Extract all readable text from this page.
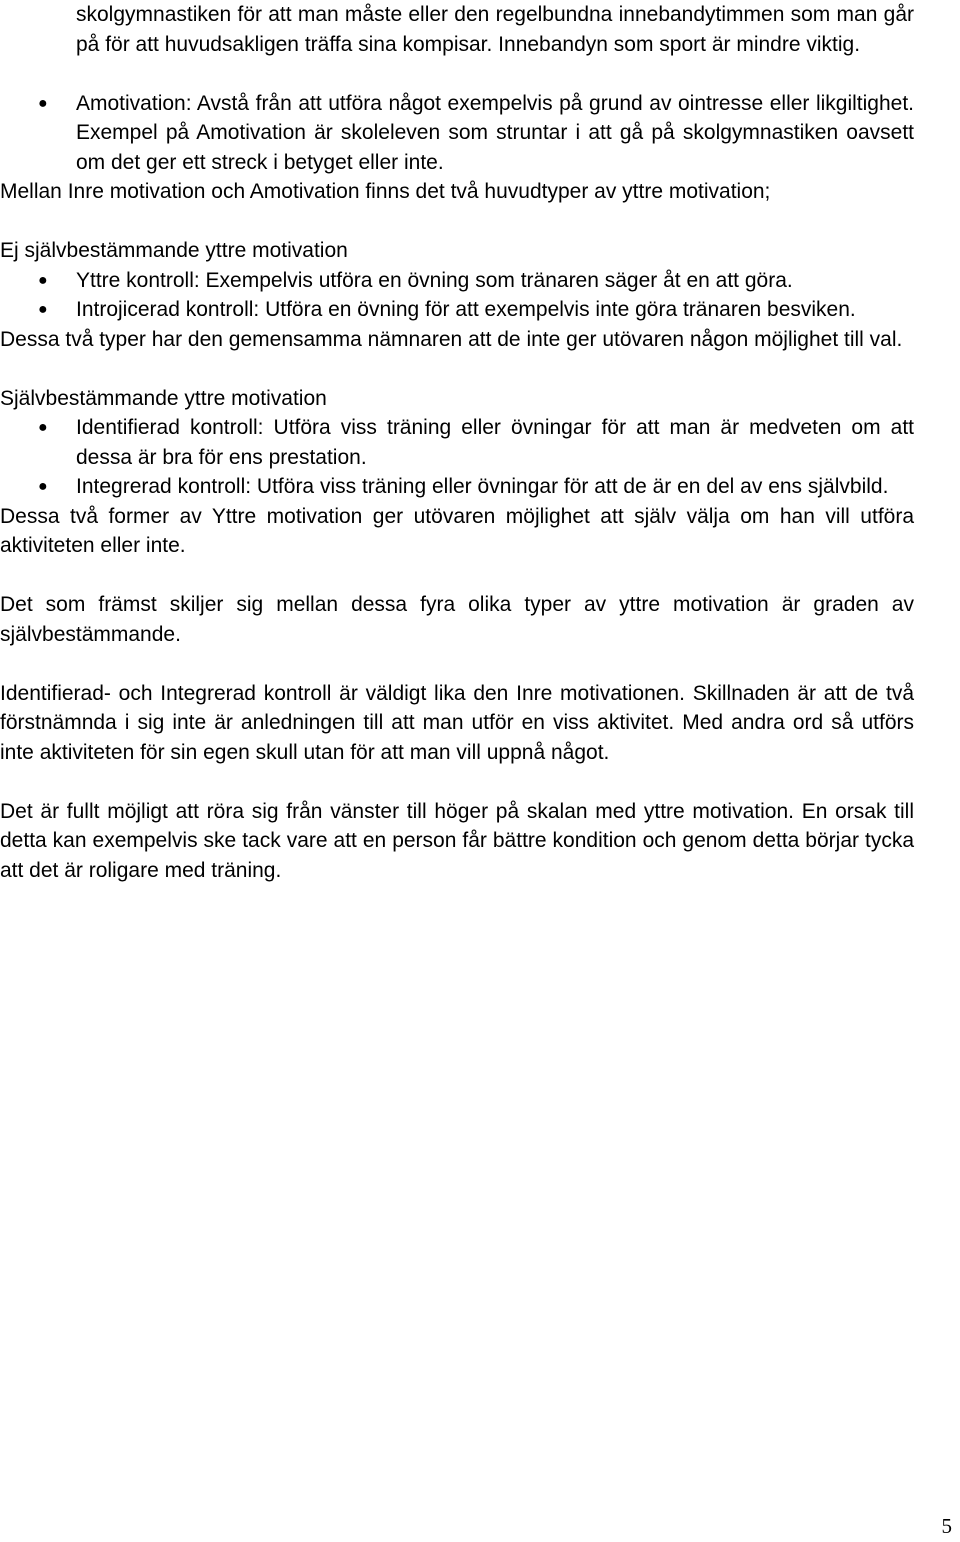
skolgymnastiken för att man måste eller den regelbundna innebandytimmen som man går på för att huvudsakligen träffa sina kompisar. Innebandyn som sport är mindre viktig.

● Amotivation: Avstå från att utföra något exempelvis på grund av ointresse eller likgiltighet. Exempel på Amotivation är skoleleven som struntar i att gå på skolgymnastiken oavsett om det ger ett streck i betyget eller inte.

Mellan Inre motivation och Amotivation finns det två huvudtyper av yttre motivation;

Ej självbestämmande yttre motivation

● Yttre kontroll: Exempelvis utföra en övning som tränaren säger åt en att göra.
● Introjicerad kontroll: Utföra en övning för att exempelvis inte göra tränaren besviken.

Dessa två typer har den gemensamma nämnaren att de inte ger utövaren någon möjlighet till val.

Självbestämmande yttre motivation

● Identifierad kontroll: Utföra viss träning eller övningar för att man är medveten om att dessa är bra för ens prestation.
● Integrerad kontroll: Utföra viss träning eller övningar för att de är en del av ens självbild.

Dessa två former av Yttre motivation ger utövaren möjlighet att själv välja om han vill utföra aktiviteten eller inte.

Det som främst skiljer sig mellan dessa fyra olika typer av yttre motivation är graden av självbestämmande.

Identifierad- och Integrerad kontroll är väldigt lika den Inre motivationen. Skillnaden är att de två förstnämnda i sig inte är anledningen till att man utför en viss aktivitet. Med andra ord så utförs inte aktiviteten för sin egen skull utan för att man vill uppnå något.

Det är fullt möjligt att röra sig från vänster till höger på skalan med yttre motivation. En orsak till detta kan exempelvis ske tack vare att en person får bättre kondition och genom detta börjar tycka att det är roligare med träning.

5
